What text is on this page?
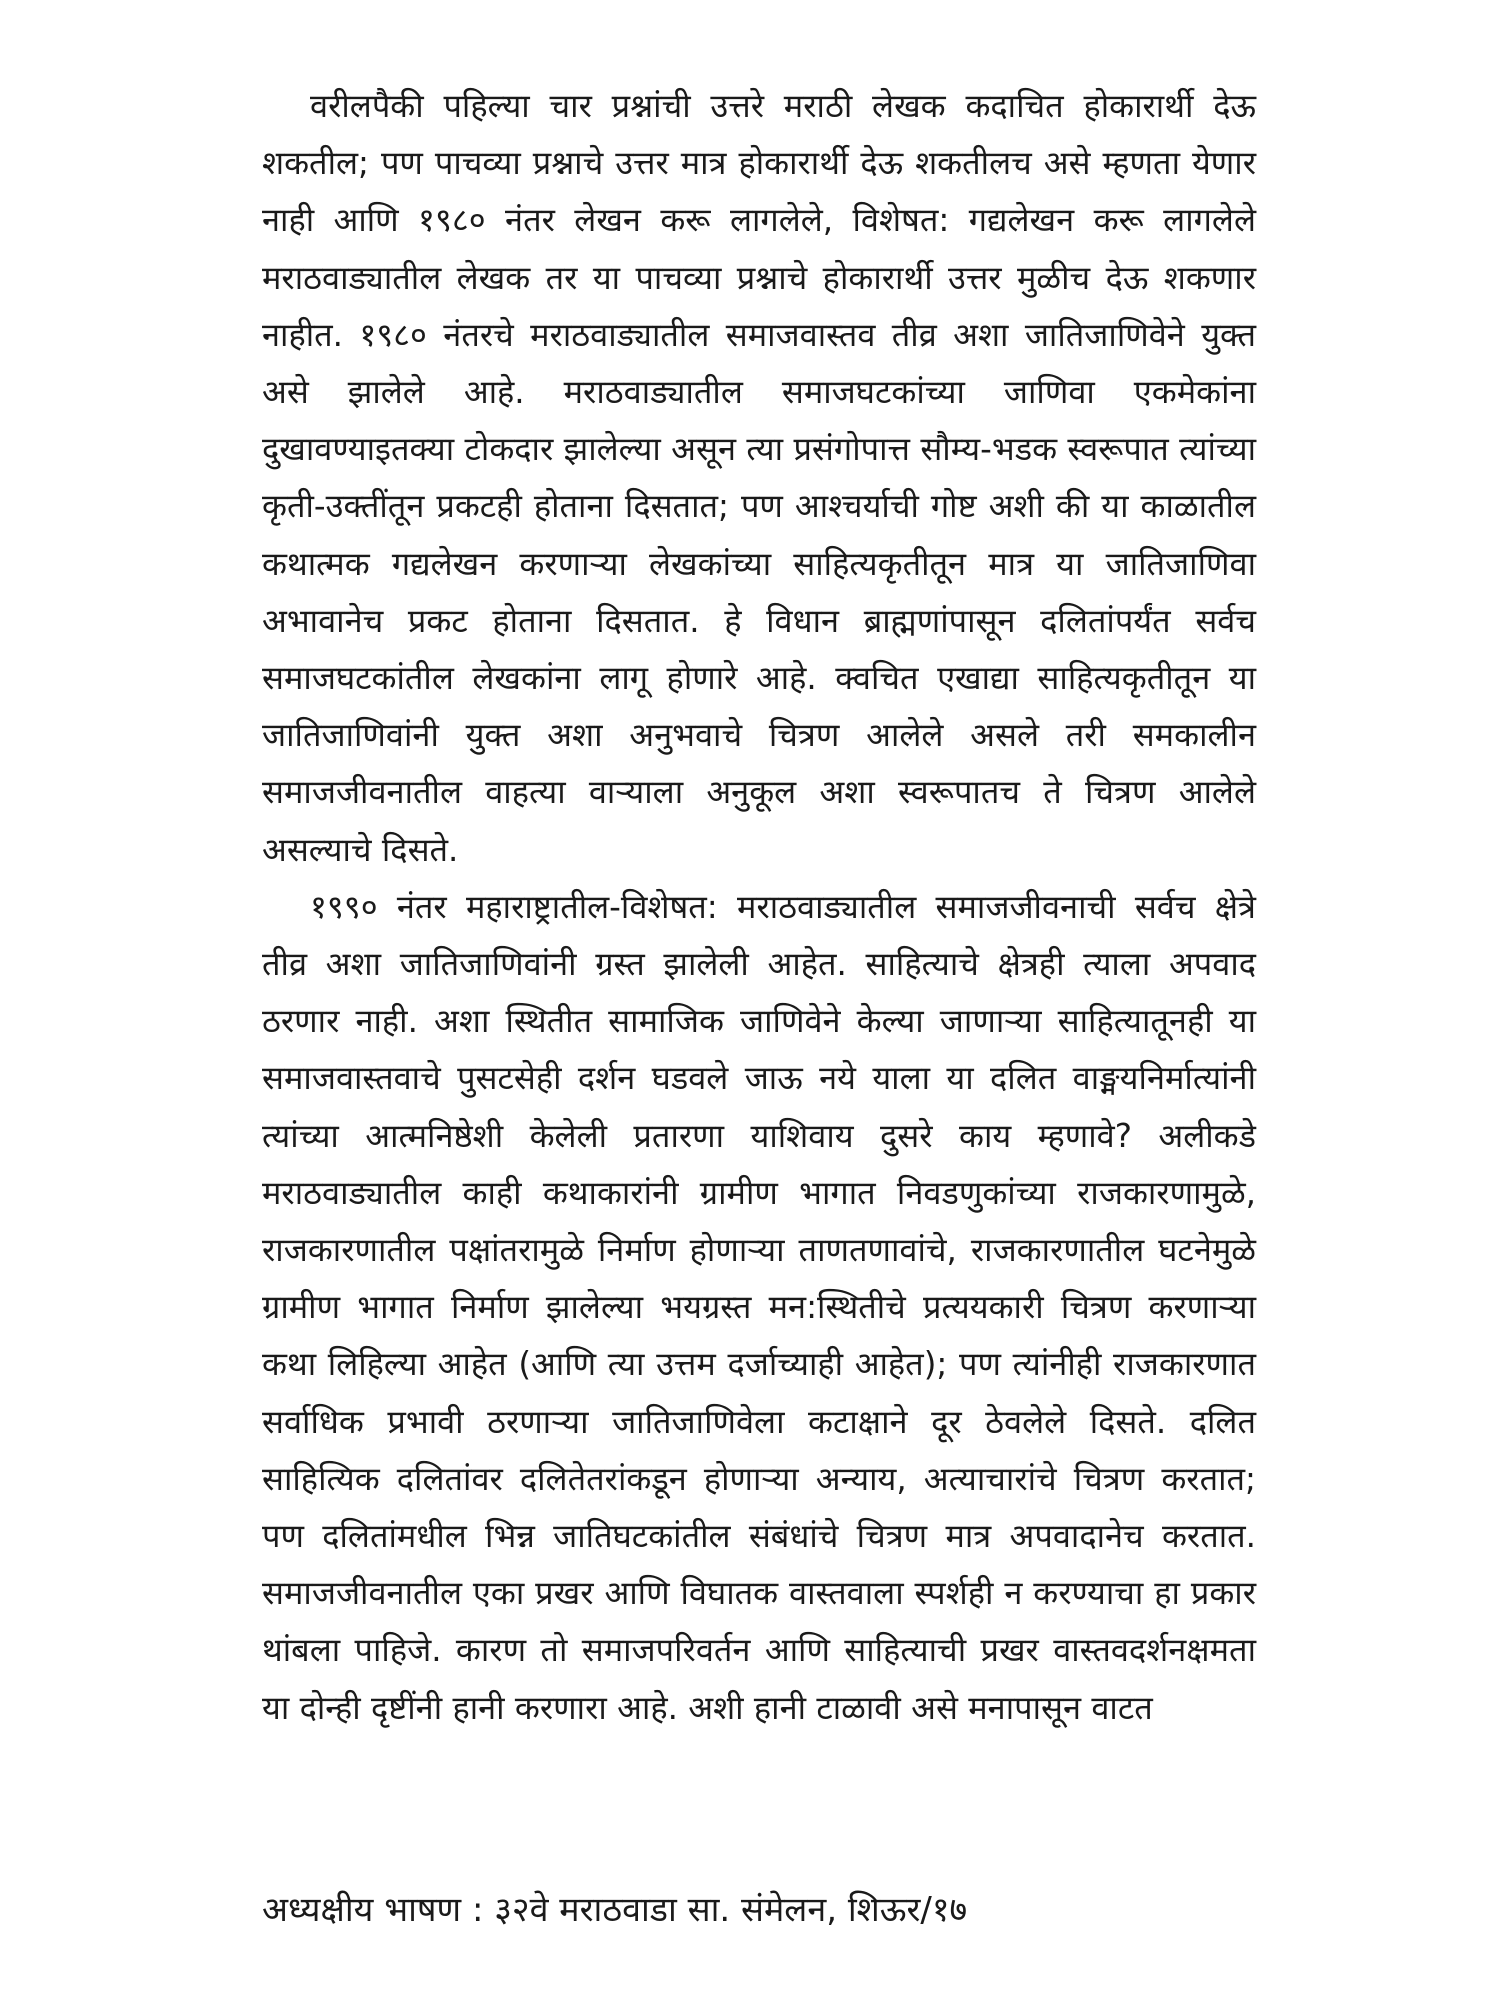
वरीलपैकी पहिल्या चार प्रश्नांची उत्तरे मराठी लेखक कदाचित होकारार्थी देऊ शकतील; पण पाचव्या प्रश्नाचे उत्तर मात्र होकारार्थी देऊ शकतीलच असे म्हणता येणार नाही आणि १९८० नंतर लेखन करू लागलेले, विशेषत: गद्यलेखन करू लागलेले मराठवाड्यातील लेखक तर या पाचव्या प्रश्नाचे होकारार्थी उत्तर मुळीच देऊ शकणार नाहीत. १९८० नंतरचे मराठवाड्यातील समाजवास्तव तीव्र अशा जातिजाणिवेने युक्त असे झालेले आहे. मराठवाड्यातील समाजघटकांच्या जाणिवा एकमेकांना दुखावण्याइतक्या टोकदार झालेल्या असून त्या प्रसंगोपात्त सौम्य-भडक स्वरूपात त्यांच्या कृती-उक्तींतून प्रकटही होताना दिसतात; पण आश्चर्याची गोष्ट अशी की या काळातील कथात्मक गद्यलेखन करणाऱ्या लेखकांच्या साहित्यकृतीतून मात्र या जातिजाणिवा अभावानेच प्रकट होताना दिसतात. हे विधान ब्राह्मणांपासून दलितांपर्यंत सर्वच समाजघटकांतील लेखकांना लागू होणारे आहे. क्वचित एखाद्या साहित्यकृतीतून या जातिजाणिवांनी युक्त अशा अनुभवाचे चित्रण आलेले असले तरी समकालीन समाजजीवनातील वाहत्या वाऱ्याला अनुकूल अशा स्वरूपातच ते चित्रण आलेले असल्याचे दिसते.

१९९० नंतर महाराष्ट्रातील-विशेषत: मराठवाड्यातील समाजजीवनाची सर्वच क्षेत्रे तीव्र अशा जातिजाणिवांनी ग्रस्त झालेली आहेत. साहित्याचे क्षेत्रही त्याला अपवाद ठरणार नाही. अशा स्थितीत सामाजिक जाणिवेने केल्या जाणाऱ्या साहित्यातूनही या समाजवास्तवाचे पुसटसेही दर्शन घडवले जाऊ नये याला या दलित वाङ्मयनिर्मात्यांनी त्यांच्या आत्मनिष्ठेशी केलेली प्रतारणा याशिवाय दुसरे काय म्हणावे? अलीकडे मराठवाड्यातील काही कथाकारांनी ग्रामीण भागात निवडणुकांच्या राजकारणामुळे, राजकारणातील पक्षांतरामुळे निर्माण होणाऱ्या ताणतणावांचे, राजकारणातील घटनेमुळे ग्रामीण भागात निर्माण झालेल्या भयग्रस्त मन:स्थितीचे प्रत्ययकारी चित्रण करणाऱ्या कथा लिहिल्या आहेत (आणि त्या उत्तम दर्जाच्याही आहेत); पण त्यांनीही राजकारणात सर्वाधिक प्रभावी ठरणाऱ्या जातिजाणिवेला कटाक्षाने दूर ठेवलेले दिसते. दलित साहित्यिक दलितांवर दलितेतरांकडून होणाऱ्या अन्याय, अत्याचारांचे चित्रण करतात; पण दलितांमधील भिन्न जातिघटकांतील संबंधांचे चित्रण मात्र अपवादानेच करतात. समाजजीवनातील एका प्रखर आणि विघातक वास्तवाला स्पर्शही न करण्याचा हा प्रकार थांबला पाहिजे. कारण तो समाजपरिवर्तन आणि साहित्याची प्रखर वास्तवदर्शनक्षमता या दोन्ही दृष्टींनी हानी करणारा आहे. अशी हानी टाळावी असे मनापासून वाटत

अध्यक्षीय भाषण : ३२वे मराठवाडा सा. संमेलन, शिऊर/१७
